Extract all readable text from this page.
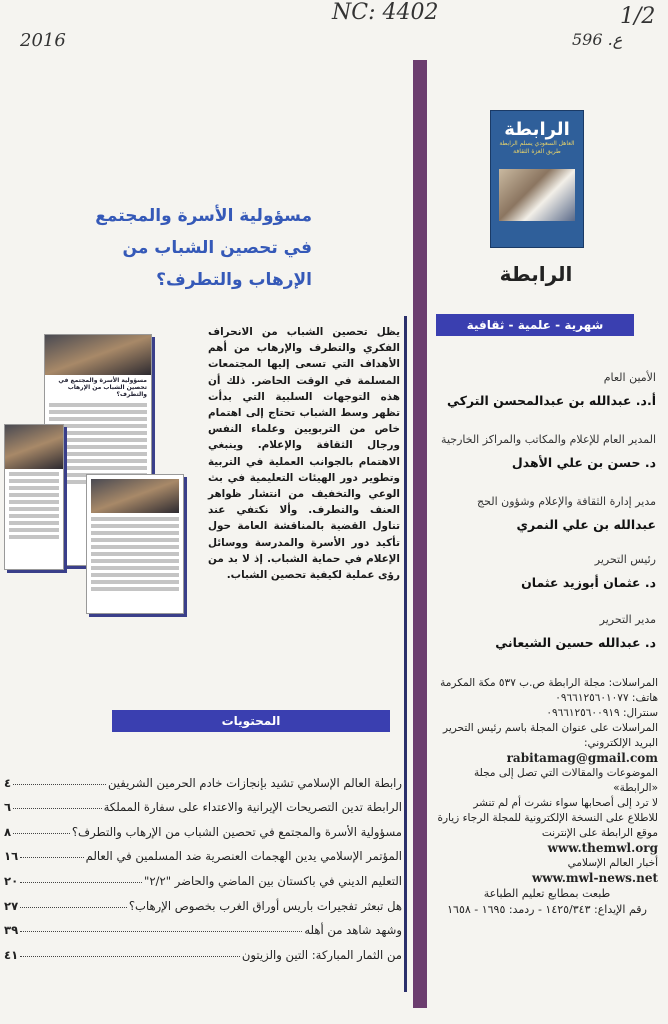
NC: 4402	1/2
596 .ع
2016
الرابطة
العاهل السعودي يسلم الرابطة طريق العزة الثقافة
الرابطة
شهرية - علمية - ثقافية
الأمين العام
أ.د. عبدالله بن عبدالمحسن التركي
المدير العام للإعلام والمكاتب والمراكز الخارجية
د. حسن بن علي الأهدل
مدير إدارة الثقافة والإعلام وشؤون الحج
عبدالله بن علي النمري
رئيس التحرير
د. عثمان أبوزيد عثمان
مدير التحرير
د. عبدالله حسين الشيعاني
المراسلات: مجلة الرابطة ص.ب ٥٣٧ مكة المكرمة
هاتف: ٠٩٦٦١٢٥٦٠١٠٧٧
سنترال: ٠٩٦٦١٢٥٦٠٠٩١٩
المراسلات على عنوان المجلة باسم رئيس التحرير
البريد الإلكتروني:
rabitamag@gmail.com
الموضوعات والمقالات التي تصل إلى مجلة «الرابطة»
لا ترد إلى أصحابها سواء نشرت أم لم تنشر
للاطلاع على النسخة الإلكترونية للمجلة الرجاء زيارة موقع الرابطة على الإنترنت
www.themwl.org
أخبار العالم الإسلامي
www.mwl-news.net
طبعت بمطابع تعليم الطباعة
رقم الإيداع: ١٤٢٥/٣٤٣ - ردمد: ١٦٩٥ - ١٦٥٨
مسؤولية الأسرة والمجتمع
في تحصين الشباب من
الإرهاب والتطرف؟
يظل تحصين الشباب من الانحراف الفكري والتطرف والإرهاب من أهم الأهداف التي تسعى إليها المجتمعات المسلمة في الوقت الحاضر. ذلك أن هذه التوجهات السلبية التي بدأت تظهر وسط الشباب تحتاج إلى اهتمام خاص من التربويين وعلماء النفس ورجال الثقافة والإعلام. وينبغي الاهتمام بالجوانب العملية في التربية وتطوير دور الهيئات التعليمية في بث الوعي والتخفيف من انتشار ظواهر العنف والتطرف. وألا نكتفي عند تناول القضية بالمناقشة العامة حول تأكيد دور الأسرة والمدرسة ووسائل الإعلام في حماية الشباب. إذ لا بد من رؤى عملية لكيفية تحصين الشباب.
مسؤولية الأسرة والمجتمع في تحصين الشباب من الإرهاب والتطرف؟
المحتويات
رابطة العالم الإسلامي تشيد بإنجازات خادم الحرمين الشريفين
٤
الرابطة تدين التصريحات الإيرانية والاعتداء على سفارة المملكة
٦
مسؤولية الأسرة والمجتمع في تحصين الشباب من الإرهاب والتطرف؟
٨
المؤتمر الإسلامي يدين الهجمات العنصرية ضد المسلمين في العالم
١٦
التعليم الديني في باكستان بين الماضي والحاضر "٢/٢"
٢٠
هل تبعثر تفجيرات باريس أوراق الغرب بخصوص الإرهاب؟
٢٧
وشهد شاهد من أهله
٣٩
من الثمار المباركة: التين والزيتون
٤١
